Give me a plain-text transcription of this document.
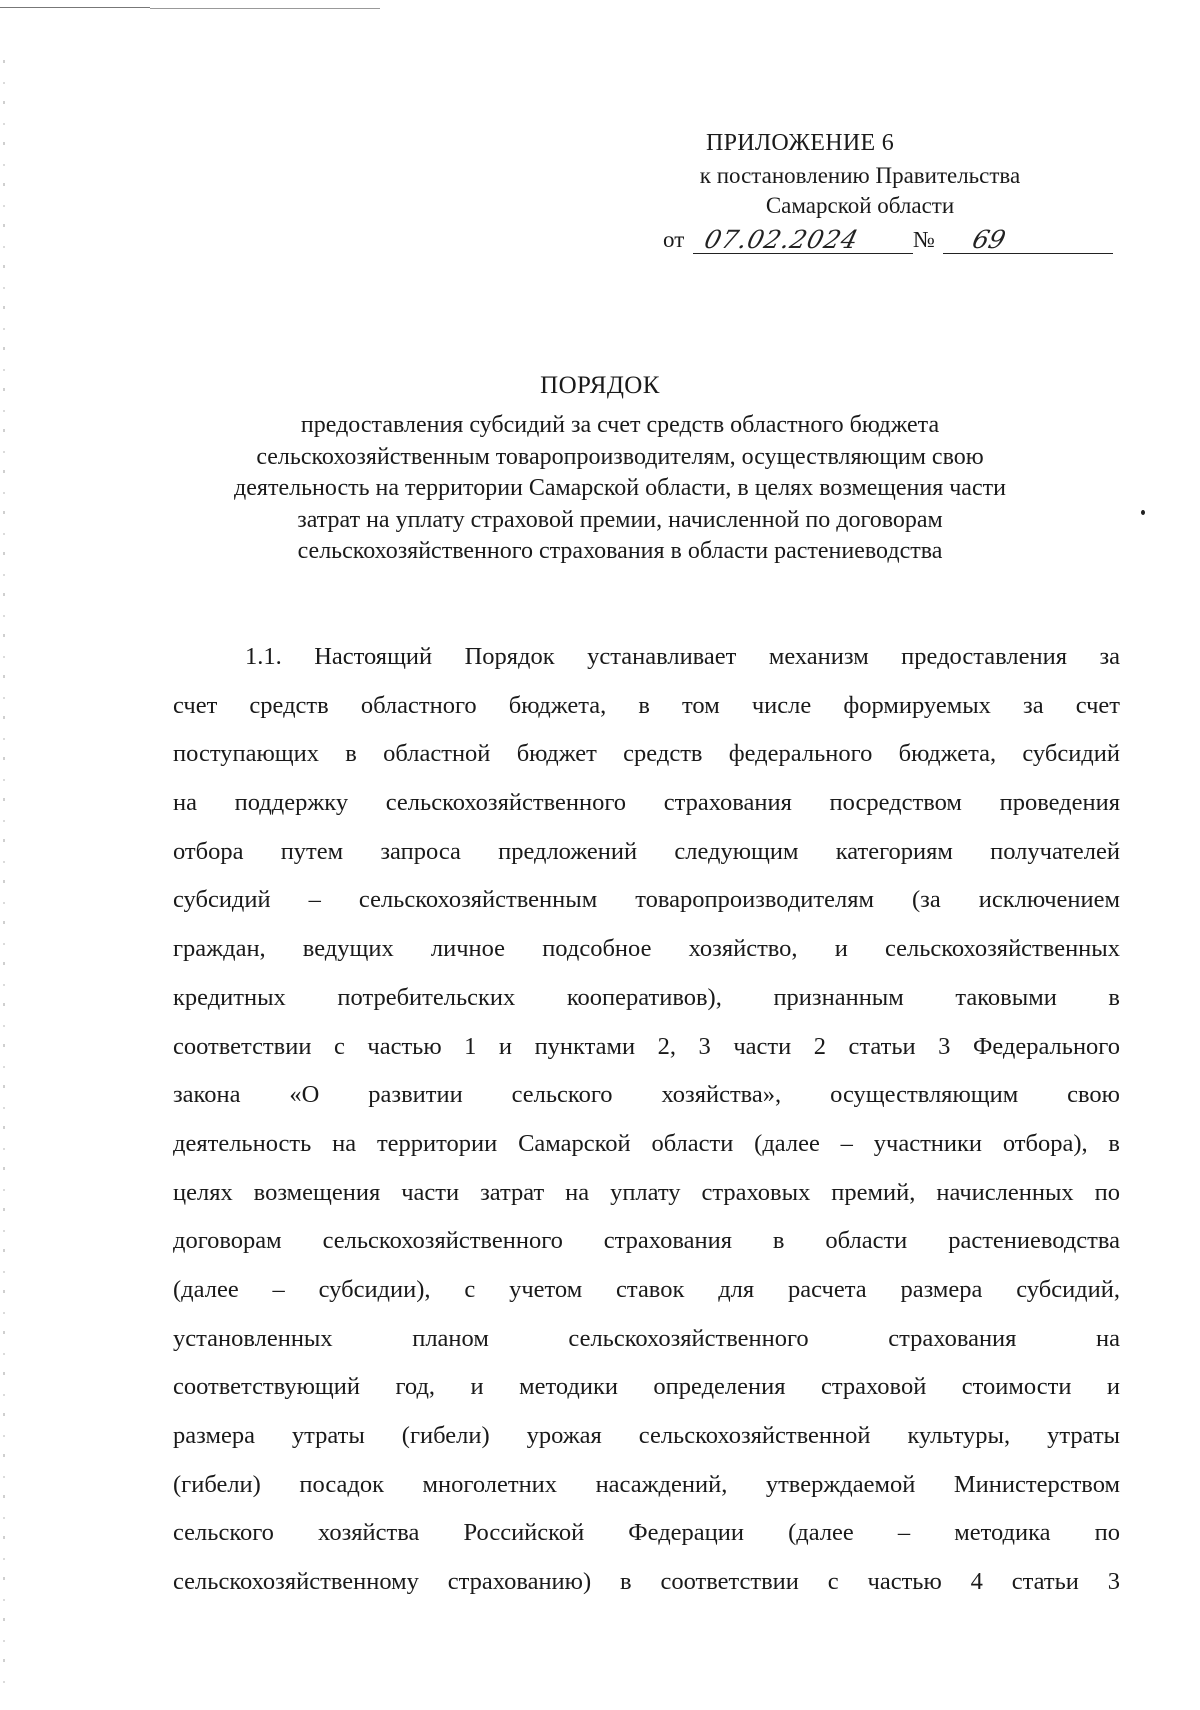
ПРИЛОЖЕНИЕ 6
к постановлению Правительства
Самарской области
от 07.02.2024 № 69
ПОРЯДОК
предоставления субсидий за счет средств областного бюджета
сельскохозяйственным товаропроизводителям, осуществляющим свою
деятельность на территории Самарской области, в целях возмещения части
затрат на уплату страховой премии, начисленной по договорам
сельскохозяйственного страхования в области растениеводства
1.1. Настоящий Порядок устанавливает механизм предоставления за
счет средств областного бюджета, в том числе формируемых за счет
поступающих в областной бюджет средств федерального бюджета, субсидий
на поддержку сельскохозяйственного страхования посредством проведения
отбора путем запроса предложений следующим категориям получателей
субсидий – сельскохозяйственным товаропроизводителям (за исключением
граждан, ведущих личное подсобное хозяйство, и сельскохозяйственных
кредитных потребительских кооперативов), признанным таковыми в
соответствии с частью 1 и пунктами 2, 3 части 2 статьи 3 Федерального
закона «О развитии сельского хозяйства», осуществляющим свою
деятельность на территории Самарской области (далее – участники отбора), в
целях возмещения части затрат на уплату страховых премий, начисленных по
договорам сельскохозяйственного страхования в области растениеводства
(далее – субсидии), с учетом ставок для расчета размера субсидий,
установленных планом сельскохозяйственного страхования на
соответствующий год, и методики определения страховой стоимости и
размера утраты (гибели) урожая сельскохозяйственной культуры, утраты
(гибели) посадок многолетних насаждений, утверждаемой Министерством
сельского хозяйства Российской Федерации (далее – методика по
сельскохозяйственному страхованию) в соответствии с частью 4 статьи 3
